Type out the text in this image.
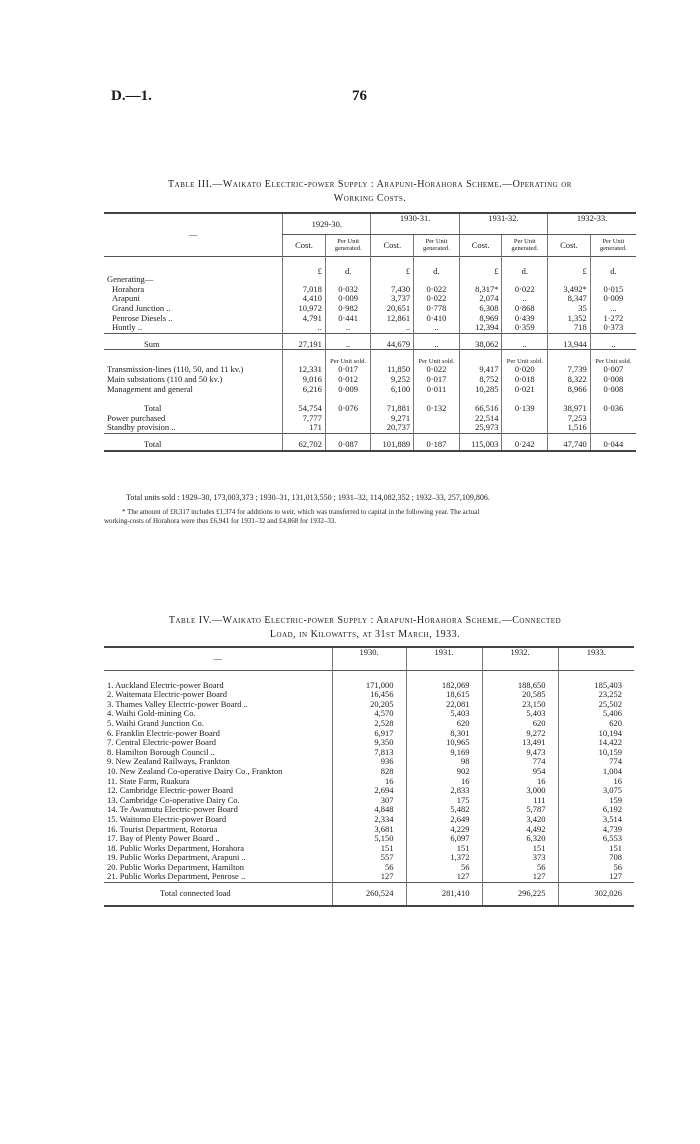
D.—1.	76
Table III.—Waikato Electric-power Supply : Arapuni-Horahora Scheme.—Operating or
Working Costs.
—	1929-30.		1930-31.		1931-32.		1932-33.	
	Cost.	Per Unit generated.	Cost.	Per Unit generated.	Cost.	Per Unit generated.	Cost.	Per Unit generated.
Generating—	£	d.	£	d.	£	d.	£	d.
Horahora	7,018	0·032	7,430	0·022	8,317*	0·022	3,492*	0·015
Arapuni	4,410	0·009	3,737	0·022	2,074	..	8,347	0·009
Grand Junction ..	10,972	0·982	20,651	0·778	6,308	0·868	35	...
Penrose Diesels ..	4,791	0·441	12,861	0·410	8,969	0·439	1,352	1·272
Huntly ..	..	..	..	..	12,394	0·359	718	0·373
Sum	27,191	..	44,679	..	38,062	..	13,944	..
		Per Unit sold.		Per Unit sold.		Per Unit sold.		Per Unit sold.
Transmission-lines (110, 50, and 11 kv.)	12,331	0·017	11,850	0·022	9,417	0·020	7,739	0·007
Main substations (110 and 50 kv.)	9,016	0·012	9,252	0·017	8,752	0·018	8,322	0·008
Management and general	6,216	0·009	6,100	0·011	10,285	0·021	8,966	0·008
Total	54,754	0·076	71,881	0·132	66,516	0·139	38,971	0·036
Power purchased	7,777		9,271		22,514		7,253	
Standby provision ..	171		20,737		25,973		1,516	
Total	62,702	0·087	101,889	0·187	115,003	0·242	47,740	0·044
Total units sold : 1929–30, 173,003,373 ; 1930–31, 131,013,550 ; 1931–32, 114,082,352 ; 1932–33, 257,109,806.
* The amount of £8,317 includes £1,374 for additions to weir, which was transferred to capital in the following year. The actual
working-costs of Horahora were thus £6,941 for 1931–32 and £4,868 for 1932–33.
Table IV.—Waikato Electric-power Supply : Arapuni-Horahora Scheme.—Connected
Load, in Kilowatts, at 31st March, 1933.
—	1930.	1931.	1932.	1933.
1. Auckland Electric-power Board	171,000	182,069	188,650	185,403
2. Waitemata Electric-power Board	16,456	18,615	20,585	23,252
3. Thames Valley Electric-power Board ..	20,205	22,081	23,150	25,502
4. Waihi Gold-mining Co.	4,570	5,403	5,403	5,406
5. Waihi Grand Junction Co.	2,528	620	620	620
6. Franklin Electric-power Board	6,917	8,301	9,272	10,194
7. Central Electric-power Board	9,350	10,965	13,491	14,422
8. Hamilton Borough Council ..	7,813	9,169	9,473	10,159
9. New Zealand Railways, Frankton	936	98	774	774
10. New Zealand Co-operative Dairy Co., Frankton	828	902	954	1,004
11. State Farm, Ruakura	16	16	16	16
12. Cambridge Electric-power Board	2,694	2,833	3,000	3,075
13. Cambridge Co-operative Dairy Co.	307	175	111	159
14. Te Awamutu Electric-power Board	4,848	5,482	5,787	6,192
15. Waitomo Electric-power Board	2,334	2,649	3,420	3,514
16. Tourist Department, Rotorua	3,681	4,229	4,492	4,739
17. Bay of Plenty Power Board ..	5,150	6,097	6,320	6,553
18. Public Works Department, Horahora	151	151	151	151
19. Public Works Department, Arapuni ..	557	1,372	373	708
20. Public Works Department, Hamilton	56	56	56	56
21. Public Works Department, Penrose ..	127	127	127	127
Total connected load	260,524	281,410	296,225	302,026
